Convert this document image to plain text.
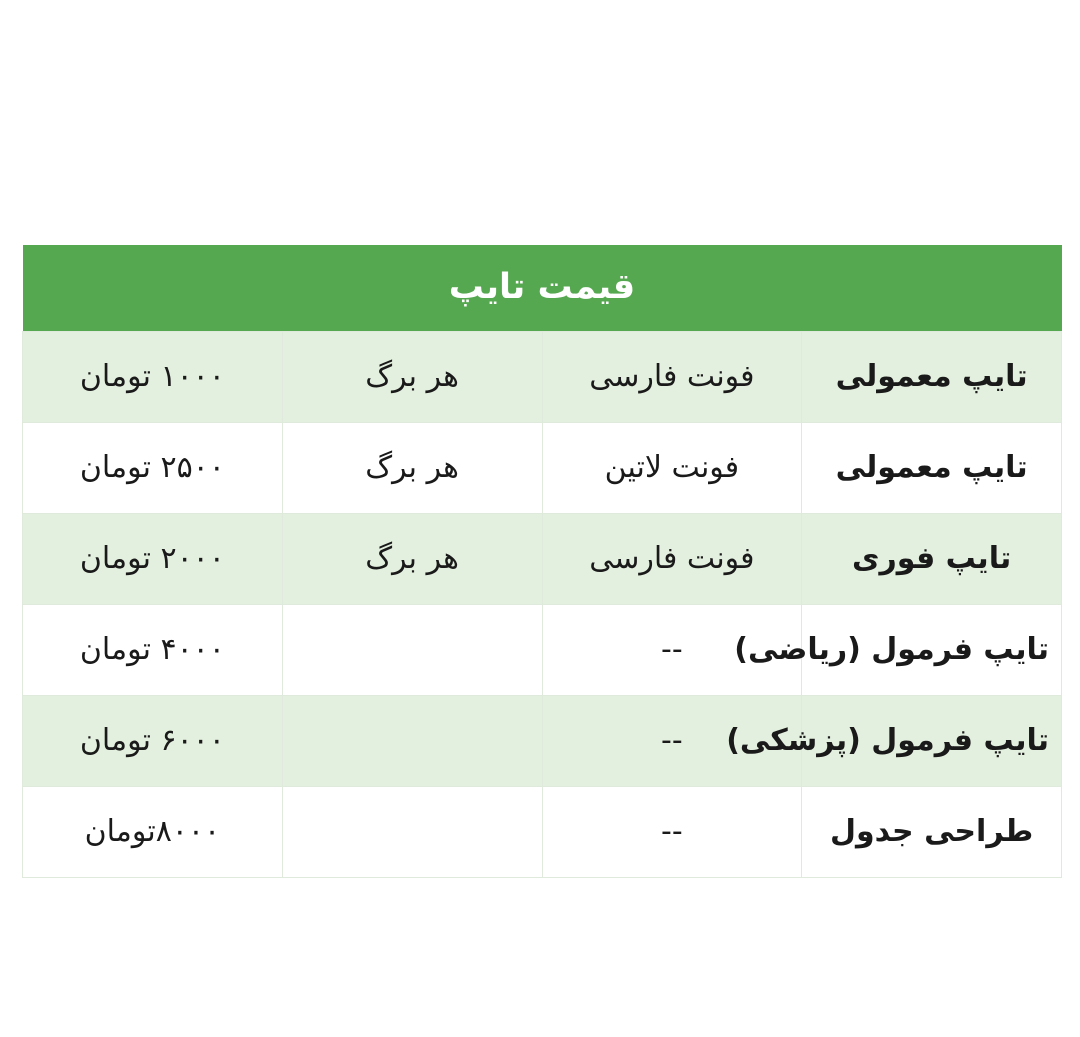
قیمت تایپ			
تایپ معمولی	فونت فارسی	هر برگ	۱۰۰۰ تومان
تایپ معمولی	فونت لاتین	هر برگ	۲۵۰۰ تومان
تایپ فوری	فونت فارسی	هر برگ	۲۰۰۰ تومان
تایپ فرمول (ریاضی)	--		۴۰۰۰ تومان
تایپ فرمول (پزشکی)	--		۶۰۰۰ تومان
طراحی جدول	--		۸۰۰۰تومان
